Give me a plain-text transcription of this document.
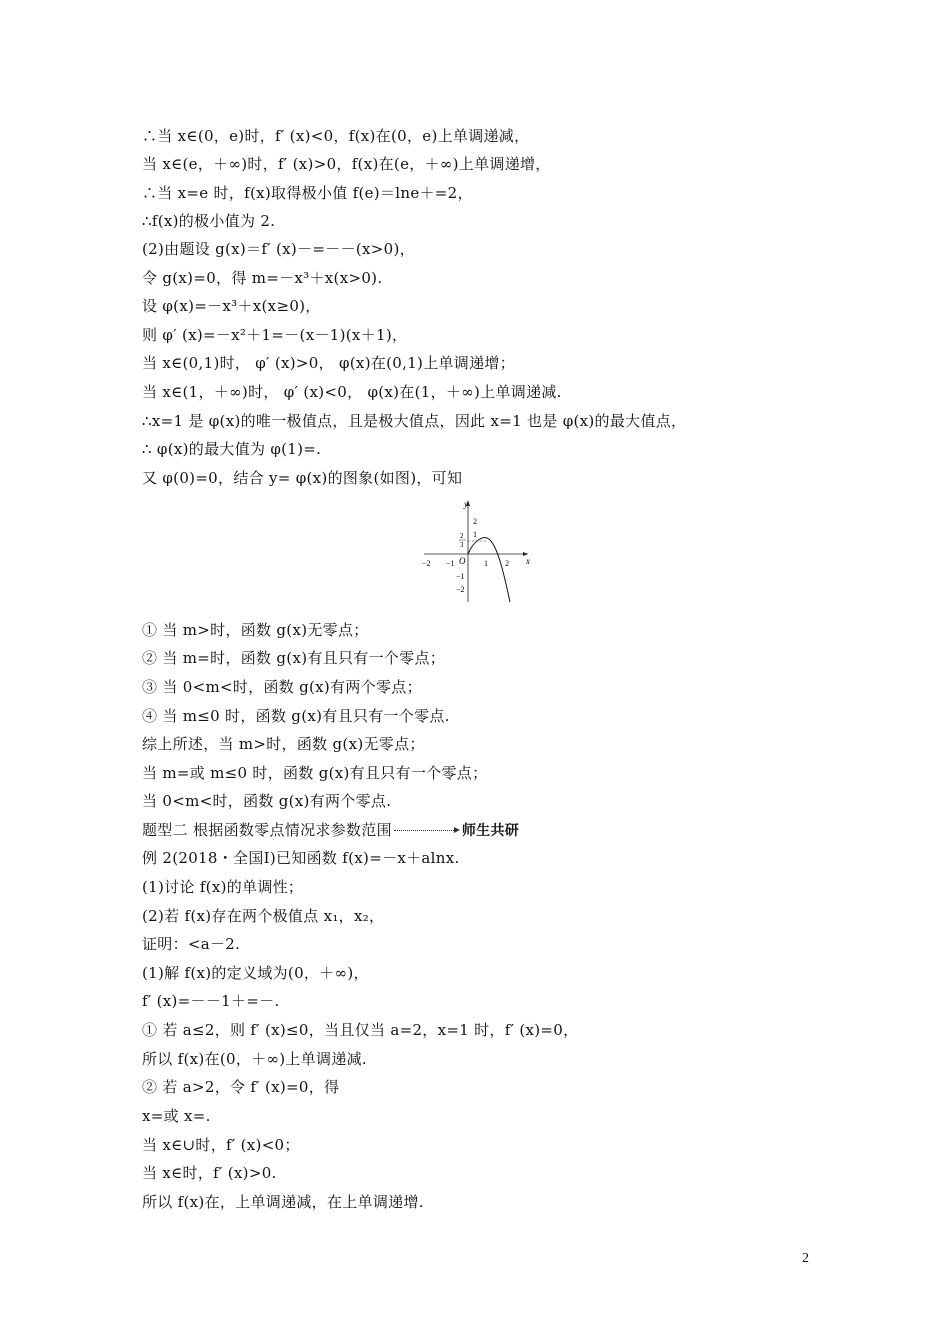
∴当 x∈(0，e)时，f′ (x)<0，f(x)在(0，e)上单调递减，
当 x∈(e，＋∞)时，f′ (x)>0，f(x)在(e，＋∞)上单调递增，
∴当 x=e 时，f(x)取得极小值 f(e)＝lne＋=2，
∴f(x)的极小值为 2.
(2)由题设 g(x)＝f′ (x)－=－－(x>0)，
令 g(x)=0，得 m=－x³＋x(x>0).
设 φ(x)=－x³＋x(x≥0)，
则 φ′ (x)=－x²＋1=－(x－1)(x＋1)，
当 x∈(0,1)时， φ′ (x)>0， φ(x)在(0,1)上单调递增；
当 x∈(1，＋∞)时， φ′ (x)<0， φ(x)在(1，＋∞)上单调递减.
∴x=1 是 φ(x)的唯一极值点，且是极大值点，因此 x=1 也是 φ(x)的最大值点，
∴ φ(x)的最大值为 φ(1)=.
又 φ(0)=0，结合 y= φ(x)的图象(如图)，可知
y
x
O
−2 −1	1 2
2
1
−1
−2
2
3
① 当 m>时，函数 g(x)无零点；
② 当 m=时，函数 g(x)有且只有一个零点；
③ 当 0<m<时，函数 g(x)有两个零点；
④ 当 m≤0 时，函数 g(x)有且只有一个零点.
综上所述，当 m>时，函数 g(x)无零点；
当 m=或 m≤0 时，函数 g(x)有且只有一个零点；
当 0<m<时，函数 g(x)有两个零点.
题型二 根据函数零点情况求参数范围	师生共研
例 2(2018・全国Ⅰ)已知函数 f(x)=－x＋alnx.
(1)讨论 f(x)的单调性；
(2)若 f(x)存在两个极值点 x₁，x₂，
证明：<a－2.
(1)解 f(x)的定义域为(0，＋∞)，
f′ (x)=－－1＋=－.
① 若 a≤2，则 f′ (x)≤0，当且仅当 a=2，x=1 时，f′ (x)=0，
所以 f(x)在(0，＋∞)上单调递减.
② 若 a>2，令 f′ (x)=0，得
x=或 x=.
当 x∈∪时，f′ (x)<0；
当 x∈时，f′ (x)>0.
所以 f(x)在，上单调递减，在上单调递增.
2
